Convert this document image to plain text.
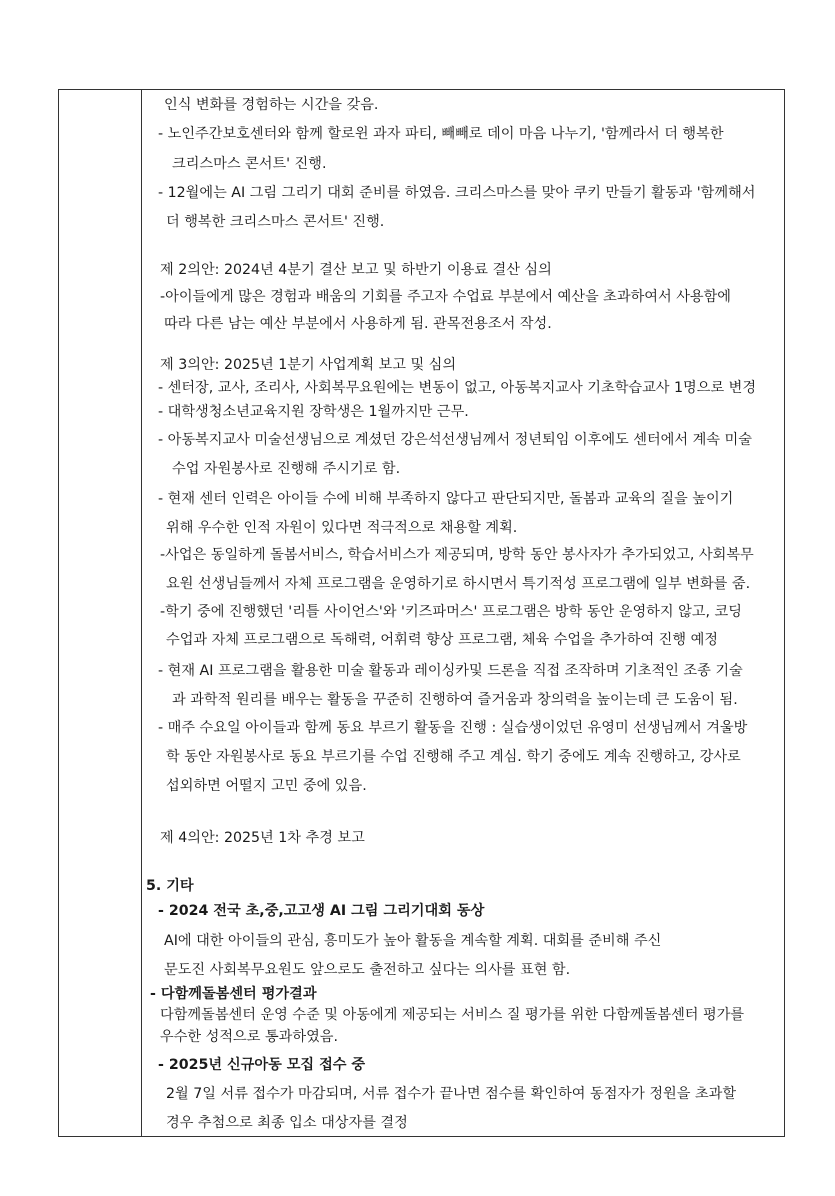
인식 변화를 경험하는 시간을 갖음.
- 노인주간보호센터와 함께 할로윈 과자 파티, 빼빼로 데이 마음 나누기, '함께라서 더 행복한
크리스마스 콘서트' 진행.
- 12월에는 AI 그림 그리기 대회 준비를 하였음. 크리스마스를 맞아 쿠키 만들기 활동과 '함께해서
더 행복한 크리스마스 콘서트' 진행.
제 2의안: 2024년 4분기 결산 보고 및 하반기 이용료 결산 심의
-아이들에게 많은 경험과 배움의 기회를 주고자 수업료 부분에서 예산을 초과하여서 사용함에
따라 다른 남는 예산 부분에서 사용하게 됨. 관목전용조서 작성.
제 3의안: 2025년 1분기 사업계획 보고 및 심의
- 센터장, 교사, 조리사, 사회복무요원에는 변동이 없고, 아동복지교사 기초학습교사 1명으로 변경
- 대학생청소년교육지원 장학생은 1월까지만 근무.
- 아동복지교사 미술선생님으로 계셨던 강은석선생님께서 정년퇴임 이후에도 센터에서 계속 미술
수업 자원봉사로 진행해 주시기로 함.
- 현재 센터 인력은 아이들 수에 비해 부족하지 않다고 판단되지만, 돌봄과 교육의 질을 높이기
위해 우수한 인적 자원이 있다면 적극적으로 채용할 계획.
-사업은 동일하게 돌봄서비스, 학습서비스가 제공되며, 방학 동안 봉사자가 추가되었고, 사회복무
요원 선생님들께서 자체 프로그램을 운영하기로 하시면서 특기적성 프로그램에 일부 변화를 줌.
-학기 중에 진행했던 '리틀 사이언스'와 '키즈파머스' 프로그램은 방학 동안 운영하지 않고, 코딩
수업과 자체 프로그램으로 독해력, 어휘력 향상 프로그램, 체육 수업을 추가하여 진행 예정
- 현재 AI 프로그램을 활용한 미술 활동과 레이싱카및 드론을 직접 조작하며 기초적인 조종 기술
과 과학적 원리를 배우는 활동을 꾸준히 진행하여 즐거움과 창의력을 높이는데 큰 도움이 됨.
- 매주 수요일 아이들과 함께 동요 부르기 활동을 진행 : 실습생이었던 유영미 선생님께서 겨울방
학 동안 자원봉사로 동요 부르기를 수업 진행해 주고 계심. 학기 중에도 계속 진행하고, 강사로
섭외하면 어떨지 고민 중에 있음.
제 4의안: 2025년 1차 추경 보고
5. 기타
- 2024 전국 초,중,고고생 AI 그림 그리기대회 동상
AI에 대한 아이들의 관심, 흥미도가 높아 활동을 계속할 계획. 대회를 준비해 주신
문도진 사회복무요원도 앞으로도 출전하고 싶다는 의사를 표현 함.
- 다함께돌봄센터 평가결과
다함께돌봄센터 운영 수준 및 아동에게 제공되는 서비스 질 평가를 위한 다함께돌봄센터 평가를
우수한 성적으로 통과하였음.
- 2025년 신규아동 모집 접수 중
2월 7일 서류 접수가 마감되며, 서류 접수가 끝나면 점수를 확인하여 동점자가 정원을 초과할
경우 추첨으로 최종 입소 대상자를 결정
